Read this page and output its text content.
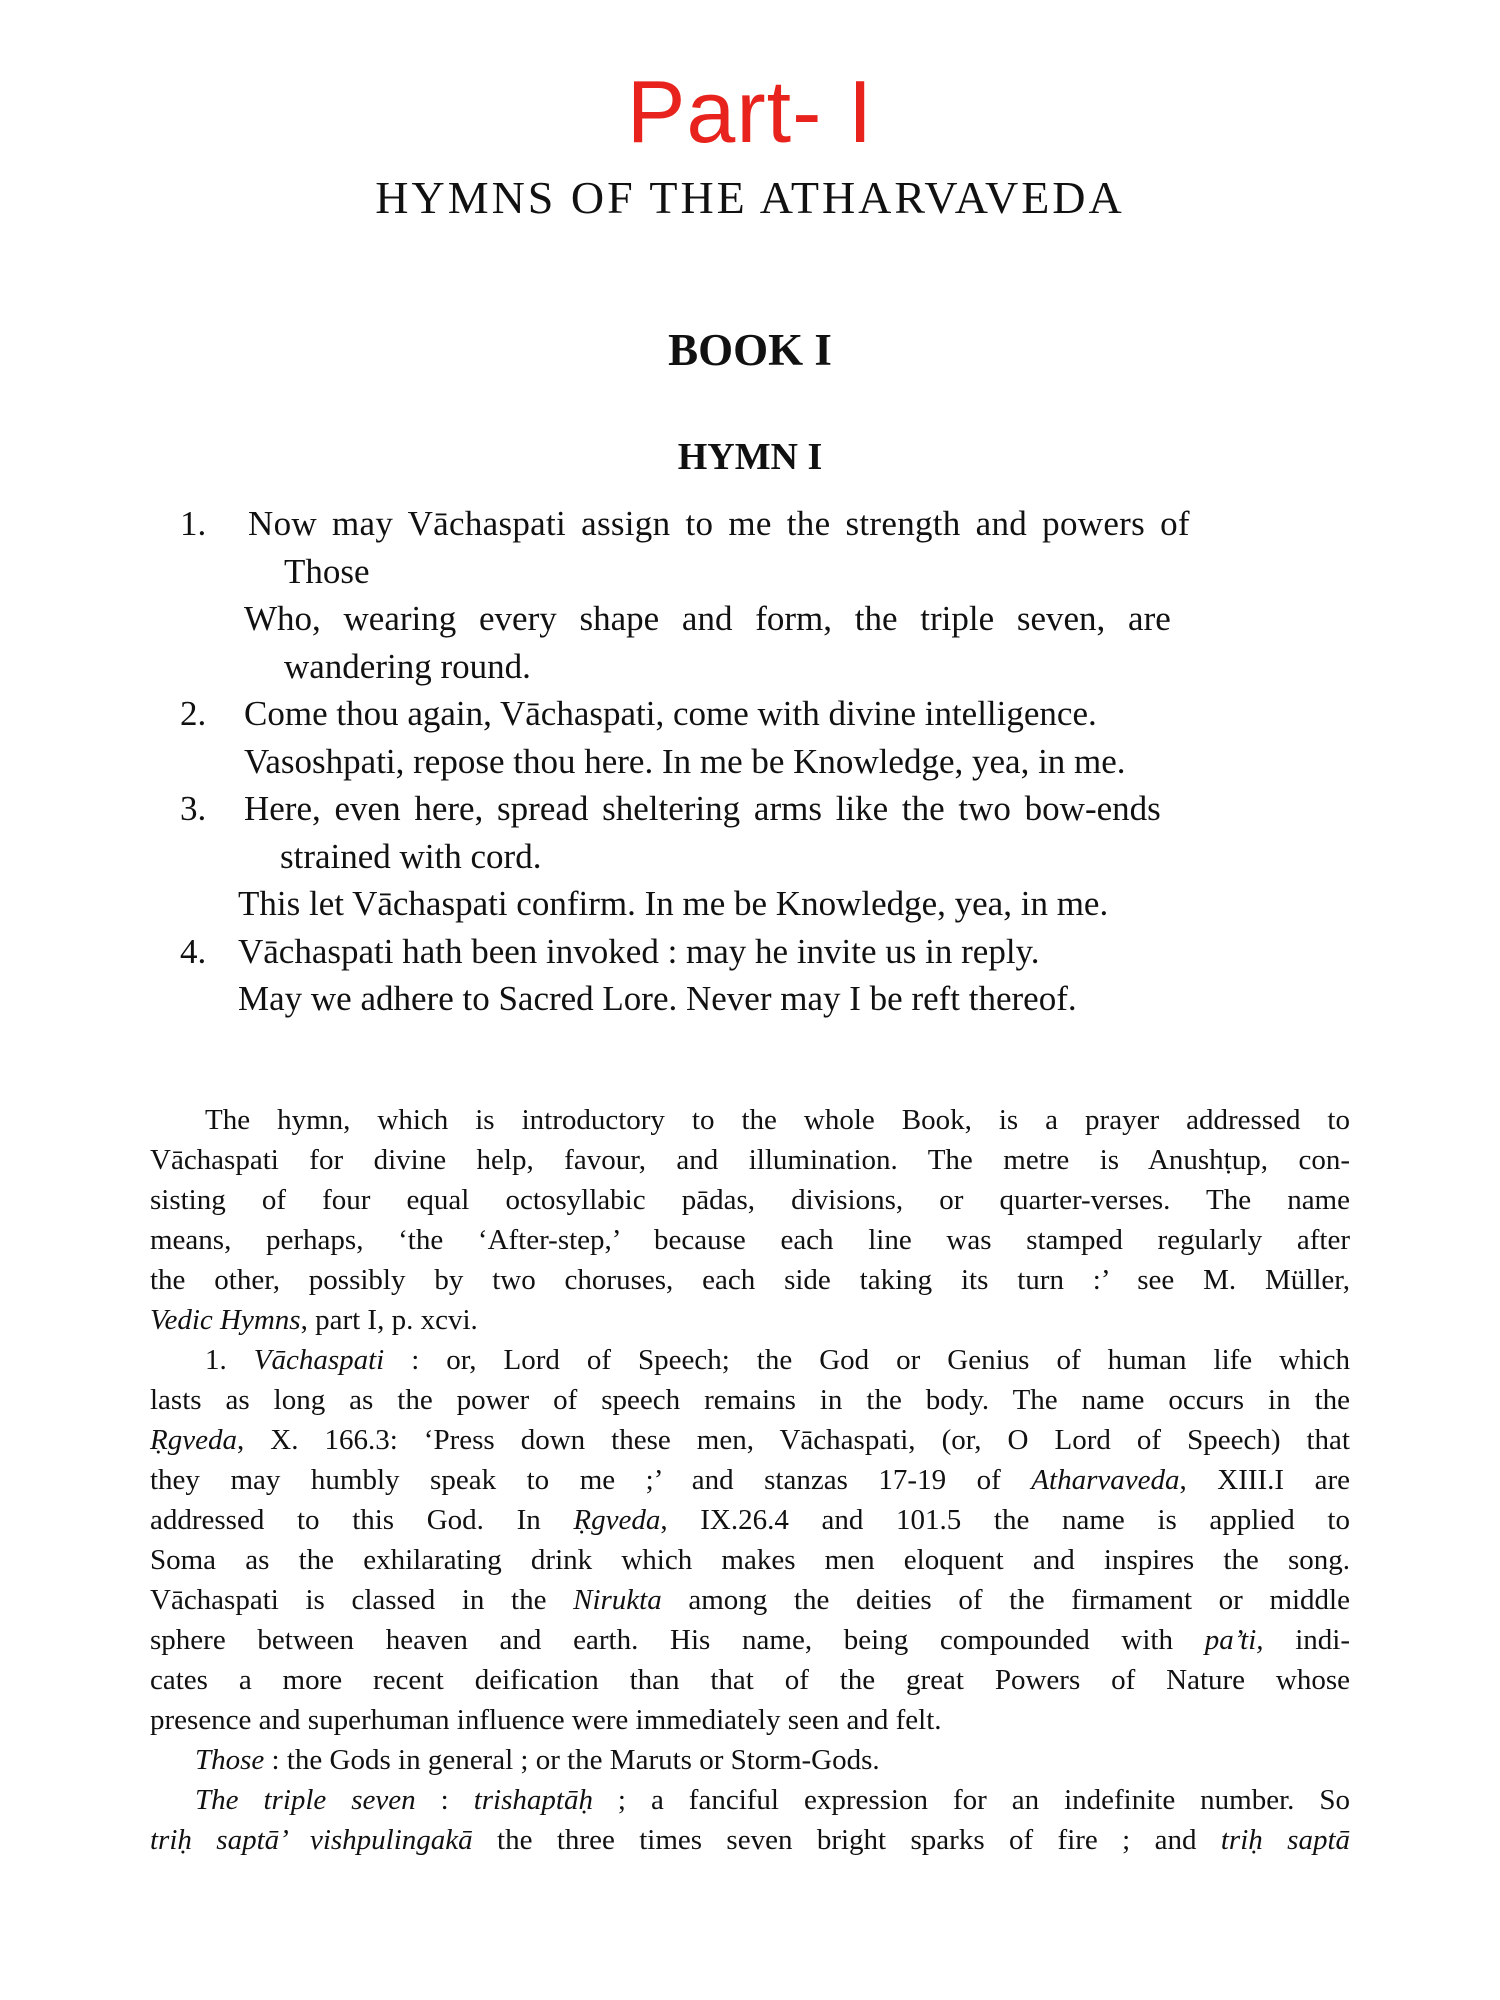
Part- I
HYMNS OF THE ATHARVAVEDA
BOOK I
HYMN I
1. Now may Vāchaspati assign to me the strength and powers of
Those
Who, wearing every shape and form, the triple seven, are
wandering round.
2. Come thou again, Vāchaspati, come with divine intelligence.
Vasoshpati, repose thou here. In me be Knowledge, yea, in me.
3. Here, even here, spread sheltering arms like the two bow-ends
strained with cord.
This let Vāchaspati confirm. In me be Knowledge, yea, in me.
4. Vāchaspati hath been invoked : may he invite us in reply.
May we adhere to Sacred Lore. Never may I be reft thereof.
The hymn, which is introductory to the whole Book, is a prayer addressed to
Vāchaspati for divine help, favour, and illumination. The metre is Anushṭup, con-
sisting of four equal octosyllabic pādas, divisions, or quarter-verses. The name
means, perhaps, ‘the ‘After-step,’ because each line was stamped regularly after
the other, possibly by two choruses, each side taking its turn :’ see M. Müller,
Vedic Hymns, part I, p. xcvi.
1. Vāchaspati : or, Lord of Speech; the God or Genius of human life which
lasts as long as the power of speech remains in the body. The name occurs in the
Ṛgveda, X. 166.3: ‘Press down these men, Vāchaspati, (or, O Lord of Speech) that
they may humbly speak to me ;’ and stanzas 17-19 of Atharvaveda, XIII.I are
addressed to this God. In Ṛgveda, IX.26.4 and 101.5 the name is applied to
Soma as the exhilarating drink which makes men eloquent and inspires the song.
Vāchaspati is classed in the Nirukta among the deities of the firmament or middle
sphere between heaven and earth. His name, being compounded with pa’ti, indi-
cates a more recent deification than that of the great Powers of Nature whose
presence and superhuman influence were immediately seen and felt.
Those : the Gods in general ; or the Maruts or Storm-Gods.
The triple seven : trishaptāḥ ; a fanciful expression for an indefinite number. So
triḥ saptā’ vishpulingakā the three times seven bright sparks of fire ; and triḥ saptā
